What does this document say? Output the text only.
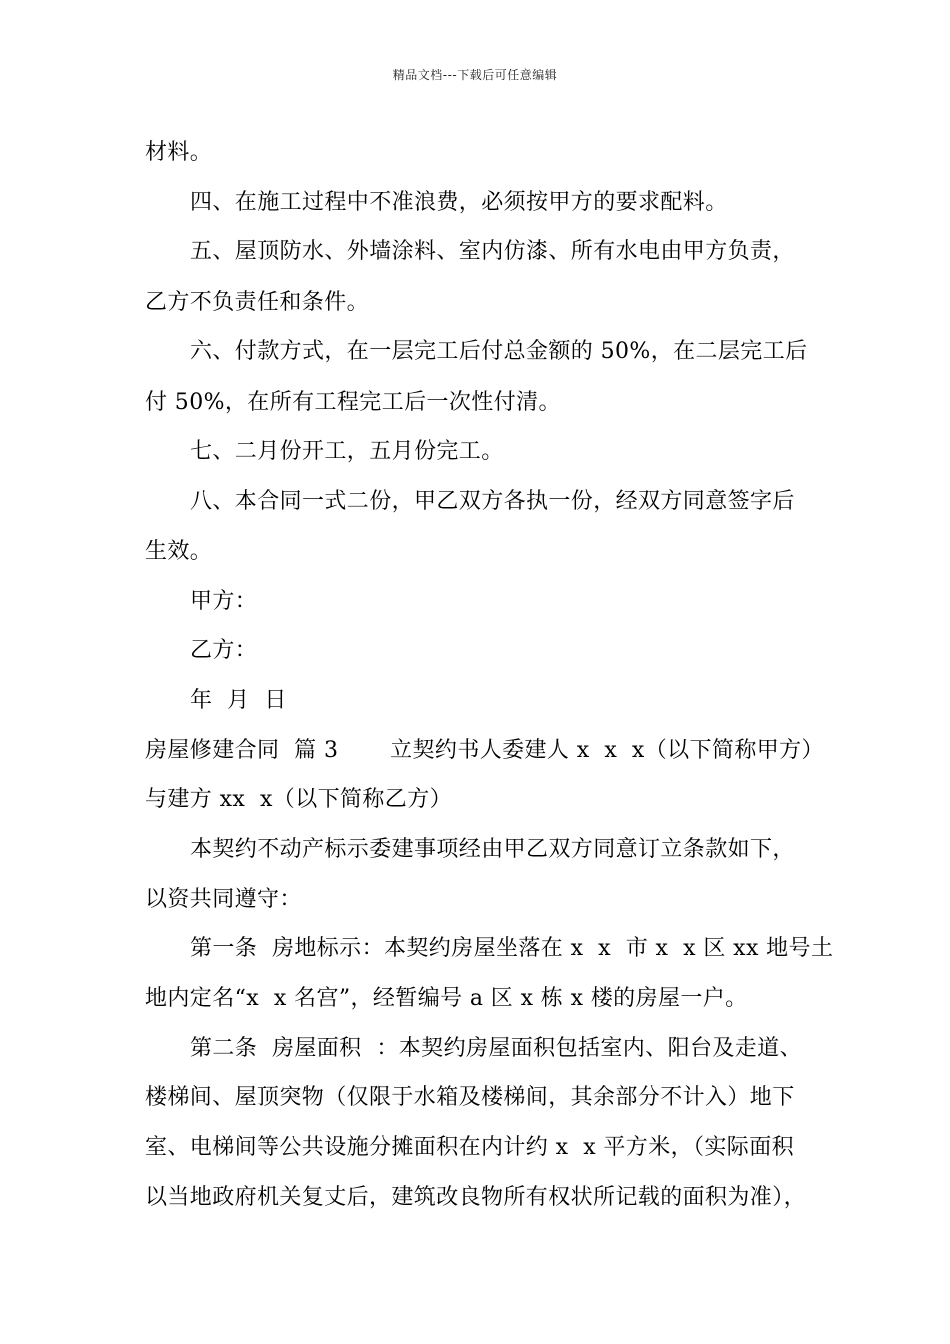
精品文档---下载后可任意编辑
材料。
四、在施工过程中不准浪费，必须按甲方的要求配料。
五、屋顶防水、外墙涂料、室内仿漆、所有水电由甲方负责，
乙方不负责任和条件。
六、付款方式，在一层完工后付总金额的 50%，在二层完工后
付 50%，在所有工程完工后一次性付清。
七、二月份开工，五月份完工。
八、本合同一式二份，甲乙双方各执一份，经双方同意签字后
生效。
甲方：
乙方：
年  月  日
房屋修建合同  篇 3       立契约书人委建人 x  x  x（以下简称甲方）
与建方 xx  x（以下简称乙方）
本契约不动产标示委建事项经由甲乙双方同意订立条款如下，
以资共同遵守：
第一条  房地标示：本契约房屋坐落在 x  x  市 x  x 区 xx 地号土
地内定名“x  x 名宫”，经暂编号 a 区 x 栋 x 楼的房屋一户。
第二条  房屋面积  ：本契约房屋面积包括室内、阳台及走道、
楼梯间、屋顶突物（仅限于水箱及楼梯间，其余部分不计入）地下
室、电梯间等公共设施分摊面积在内计约 x  x 平方米，（实际面积
以当地政府机关复丈后，建筑改良物所有权状所记载的面积为准），
